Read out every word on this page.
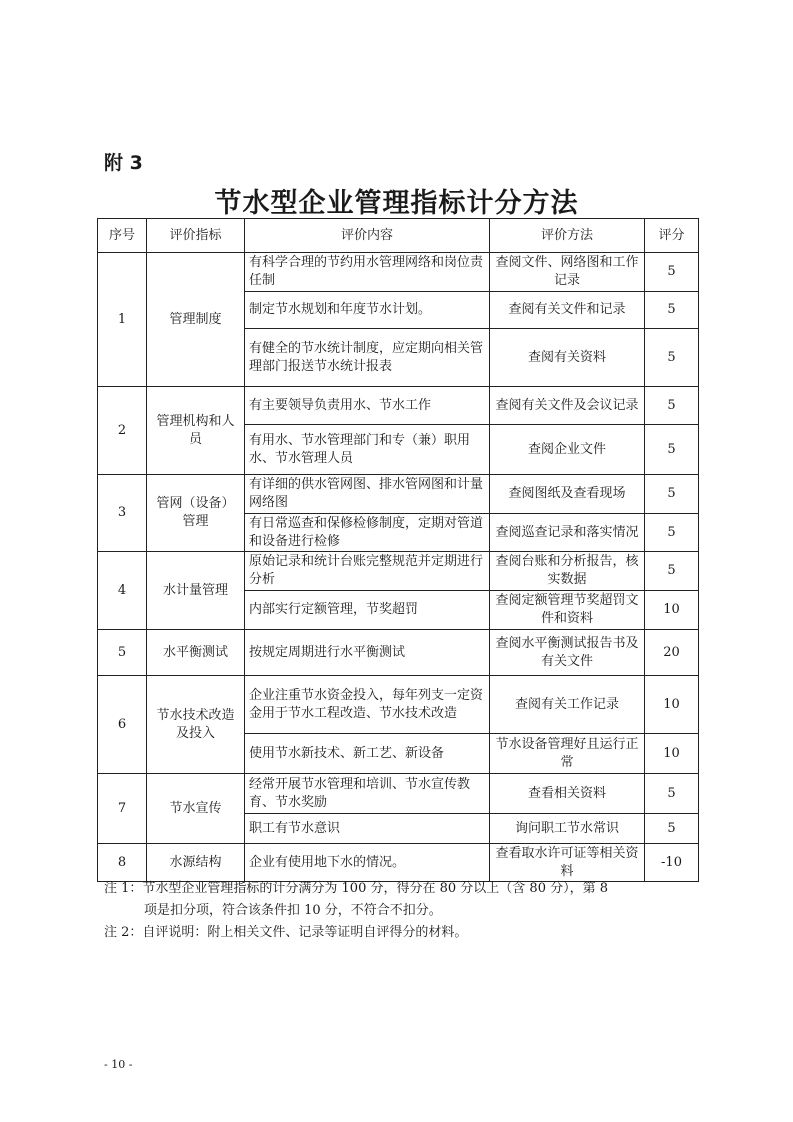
附 3
节水型企业管理指标计分方法
序号	评价指标	评价内容	评价方法	评分
1	管理制度	有科学合理的节约用水管理网络和岗位责任制	查阅文件、网络图和工作记录	5
		制定节水规划和年度节水计划。	查阅有关文件和记录	5
		有健全的节水统计制度，应定期向相关管理部门报送节水统计报表	查阅有关资料	5
2	管理机构和人员	有主要领导负责用水、节水工作	查阅有关文件及会议记录	5
		有用水、节水管理部门和专（兼）职用水、节水管理人员	查阅企业文件	5
3	管网（设备）管理	有详细的供水管网图、排水管网图和计量网络图	查阅图纸及查看现场	5
		有日常巡查和保修检修制度，定期对管道和设备进行检修	查阅巡查记录和落实情况	5
4	水计量管理	原始记录和统计台账完整规范并定期进行分析	查阅台账和分析报告，核实数据	5
		内部实行定额管理，节奖超罚	查阅定额管理节奖超罚文件和资料	10
5	水平衡测试	按规定周期进行水平衡测试	查阅水平衡测试报告书及有关文件	20
6	节水技术改造及投入	企业注重节水资金投入，每年列支一定资金用于节水工程改造、节水技术改造	查阅有关工作记录	10
		使用节水新技术、新工艺、新设备	节水设备管理好且运行正常	10
7	节水宣传	经常开展节水管理和培训、节水宣传教育、节水奖励	查看相关资料	5
		职工有节水意识	询问职工节水常识	5
8	水源结构	企业有使用地下水的情况。	查看取水许可证等相关资料	-10

注 1：节水型企业管理指标的计分满分为 100 分，得分在 80 分以上（含 80 分），第 8

项是扣分项，符合该条件扣 10 分，不符合不扣分。

注 2：自评说明：附上相关文件、记录等证明自评得分的材料。

- 10 -
